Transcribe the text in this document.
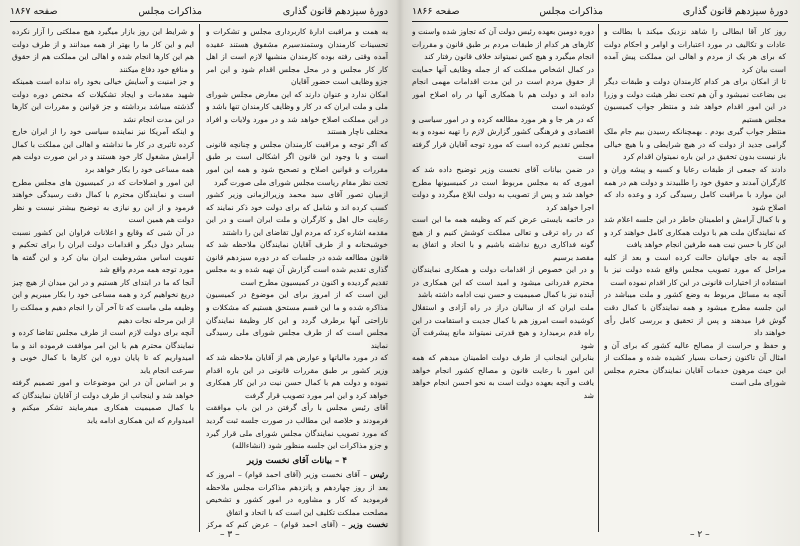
دورهٔ سیزدهم قانون گذاری
مذاکرات مجلس
صفحه ۱۸۶۷

به همت و مراقبت ادارهٔ کاربرداری مجلس و تشکرات و تحسینات کارمندان وستمندسیرم مشفوق هستند عقیده آمده وقتی رفته بوده کارمندان منشیها لازم است از اهل کار کار مجلس و در محل مجلس اقدام شود و این امر جزو وظایف است حضور آقایان

امکان ندارد و عنوان دارند که این معارض مجلس شورای ملی و ملت ایران که در کار و وظایف کارمندان تنها باشد و در این مملکت اصلاح خواهد شد و در مورد ولایات و افراد مختلف ناچار هستند

که اگر توجه و مراقبت کارمندان مجلس و چنانچه قانونی است و با وجود این قانون اگر اشکالی است بر طبق مقررات و قوانین اصلاح و تصحیح شود و همه این امور تحت نظر مقام ریاست مجلس شورای ملی صورت گیرد

ازمیان تصور آقای سید محمد وزیرالزمانی وزیر کشور کسب کرده اند و شامل که برای دولت خود ذکر نمایند که رعایت حال اهل و کارگران و ملت ایران است و در این مقدمه اشاره کرد که مردم اول تقاضای این را داشتند

خوشبختانه و از طرف آقایان نمایندگان ملاحظه شد که قانون مطالعه شده در جلسات که در دوره سیزدهم قانون گذاری تقدیم شده است گزارش آن تهیه شده و به مجلس تقدیم گردیده و اکنون در کمیسیون مطرح است

این است که از امروز برای این موضوع در کمیسیون مذاکره شده و ما این قسم مستحق هستیم که مشکلات و ناراحتی آنها برطرف گردد و این کار وظیفهٔ نمایندگان مجلس است که از طرف مجلس شورای ملی رسیدگی نمایند

که در مورد مالیاتها و عوارض هم از آقایان ملاحظه شد که وزیر کشور بر طبق مقررات قانونی در این باره اقدام نموده و دولت هم با کمال حسن نیت در این کار همکاری خواهد کرد و این امر مورد تصویب قرار گرفت

آقای رئیس مجلس با رأی گرفتن در این باب موافقت فرمودند و خلاصه این مطالب در صورت جلسه ثبت گردید که مورد تصویب نمایندگان مجلس شورای ملی قرار گیرد و جزو مذاکرات این جلسه منظور شود (انشاءالله)

۴ – بیانات آقای نخست وزیر

رئیس – آقای نخست وزیر (آقای احمد قوام) – امروز که بعد از روز چهاردهم و پانزدهم مذاکرات مجلس ملاحظه فرمودید که کار و مشاوره در امور کشور و تشخیص مصلحت مملکت تکلیف این است که با اتحاد و اتفاق

نخست وزیر – (آقای احمد قوام) – عرض کنم که مرکز

و شرایط این روز بازار میگیرد هیچ مملکتی را آزار نکرده ایم و این کار ما را بهتر از همه میدانند و از طرف دولت هم این کارها انجام شده و اهالی این مملکت هم از حقوق و منافع خود دفاع میکنند

و جز امنیت و آسایش خیالی بخود راه نداده است همینکه شهید مقدمات و ایجاد تشکیلات که مختص دوره دولت گذشته میباشد برداشته و جز قوانین و مقررات این کارها در این مدت انجام نشد

و اینکه آمریکا نیز نماینده سیاسی خود را از ایران خارج کرده تاثیری در کار ما نداشته و اهالی این مملکت با کمال آرامش مشغول کار خود هستند و در این صورت دولت هم همه مساعی خود را بکار خواهد برد

این امور و اصلاحات که در کمیسیون های مجلس مطرح است و نمایندگان محترم با کمال دقت رسیدگی خواهند فرمود و از این رو نیازی به توضیح بیشتر نیست و نظر دولت هم همین است

در آن شبی که وقایع و اعلانات فراوان این کشور نسبت بسایر دول دیگر و اقدامات دولت ایران را برای تحکیم و تقویت اساس مشروطیت ایران بیان کرد و این گفته ها مورد توجه همه مردم واقع شد

آنجا که ما در ابتدای کار هستیم و در این میدان از هیچ چیز دریغ نخواهیم کرد و همه مساعی خود را بکار میبریم و این وظیفه ملی ماست که تا آخر آن را انجام دهیم و مملکت را از این مرحله نجات دهیم

آنچه برای دولت لازم است از طرف مجلس تقاضا کرده و نمایندگان محترم هم با این امر موافقت فرموده اند و ما امیدواریم که تا پایان دوره این کارها با کمال خوبی و سرعت انجام یابد

و بر اساس آن در این موضوعات و امور تصمیم گرفته خواهد شد و اینجانب از طرف دولت از آقایان نمایندگان که با کمال صمیمیت همکاری میفرمایند تشکر میکنم و امیدوارم که این همکاری ادامه یابد

– ۳ –
دورهٔ سیزدهم قانون گذاری
مذاکرات مجلس
صفحه ۱۸۶۶

روز کار آقا ابطالی را شاهد نزدیک میکند با بطالت و عادات و تکالیف در مورد اعتبارات و اوامر و احکام دولت که برای هر یک از مردم و اهالی این مملکت پیش آمده است بیان کرد

تا از امکان برای هر کدام کارمندان دولت و طبقات دیگر بی بضاعت نمیشود و آن هم تحت نظر هیئت دولت و وزرا در این امور اقدام خواهد شد و منتظر جواب کمیسیون مجلس هستیم

منتظر جواب گیری بودم . بهمچنانکه رسیدن بیم جام ملک گرامی جدید از دولت که در هیچ شرایطی و با هیچ خیالی باز نیست بدون تحقیق در این باره نمیتوان اقدام کرد

دادند که جمعی از طبقات رعایا و کسبه و پیشه وران و کارگران آمدند و حقوق خود را طلبیدند و دولت هم در همه این موارد با مراقبت کامل رسیدگی کرد و وعده داد که اصلاح شود

و با کمال آرامش و اطمینان خاطر در این جلسه اعلام شد که نمایندگان ملت هم با دولت همکاری کامل خواهند کرد و این کار با حسن نیت همه طرفین انجام خواهد یافت

آنچه به جای جهانیان حالت کرده است و بعد از کلیه مراحل که مورد تصویب مجلس واقع شده دولت نیز با استفاده از اختیارات قانونی در این کار اقدام نموده است

آنچه به مسائل مربوط به وضع کشور و ملت میباشد در این جلسه مطرح میشود و همه نمایندگان با کمال دقت گوش فرا میدهند و پس از تحقیق و بررسی کامل رأی خواهند داد

و حفظ و حراست از مصالح عالیه کشور که برای آن و امثال آن تاکنون زحمات بسیار کشیده شده و مملکت از این حیث مرهون خدمات آقایان نمایندگان محترم مجلس شورای ملی است

دوره دومین بعهده رئیس دولت آن که تجاوز شده واسنت و کارهای هر کدام از طبقات مردم بر طبق قانون و مقررات انجام میگیرد و هیچ کس نمیتواند خلاف قانون رفتار کند

در کمال اشخاص مملکت که از جمله وظایف آنها حمایت از حقوق مردم است در این مدت اقدامات مهمی انجام داده اند و دولت هم با همکاری آنها در راه اصلاح امور کوشیده است

که در هر جا و هر مورد مطالعه کرده و در امور سیاسی و اقتصادی و فرهنگی کشور گزارش لازم را تهیه نموده و به مجلس تقدیم کرده است که مورد توجه آقایان قرار گرفته است

در ضمن بیانات آقای نخست وزیر توضیح داده شد که اموری که به مجلس مربوط است در کمیسیونها مطرح خواهد شد و پس از تصویب به دولت ابلاغ میگردد و دولت اجرا خواهد کرد

در خاتمه بایستی عرض کنم که وظیفه همه ما این است که در راه ترقی و تعالی مملکت کوشش کنیم و از هیچ گونه فداکاری دریغ نداشته باشیم و با اتحاد و اتفاق به مقصد برسیم

و در این خصوص از اقدامات دولت و همکاری نمایندگان محترم قدردانی میشود و امید است که این همکاری در آینده نیز با کمال صمیمیت و حسن نیت ادامه داشته باشد

ملت ایران که از سالیان دراز در راه آزادی و استقلال کوشیده است امروز هم با کمال جدیت و استقامت در این راه قدم برمیدارد و هیچ قدرتی نمیتواند مانع پیشرفت آن شود

بنابراین اینجانب از طرف دولت اطمینان میدهم که همه این امور با رعایت قانون و مصالح کشور انجام خواهد یافت و آنچه بعهده دولت است به نحو احسن انجام خواهد شد

– ۲ –
